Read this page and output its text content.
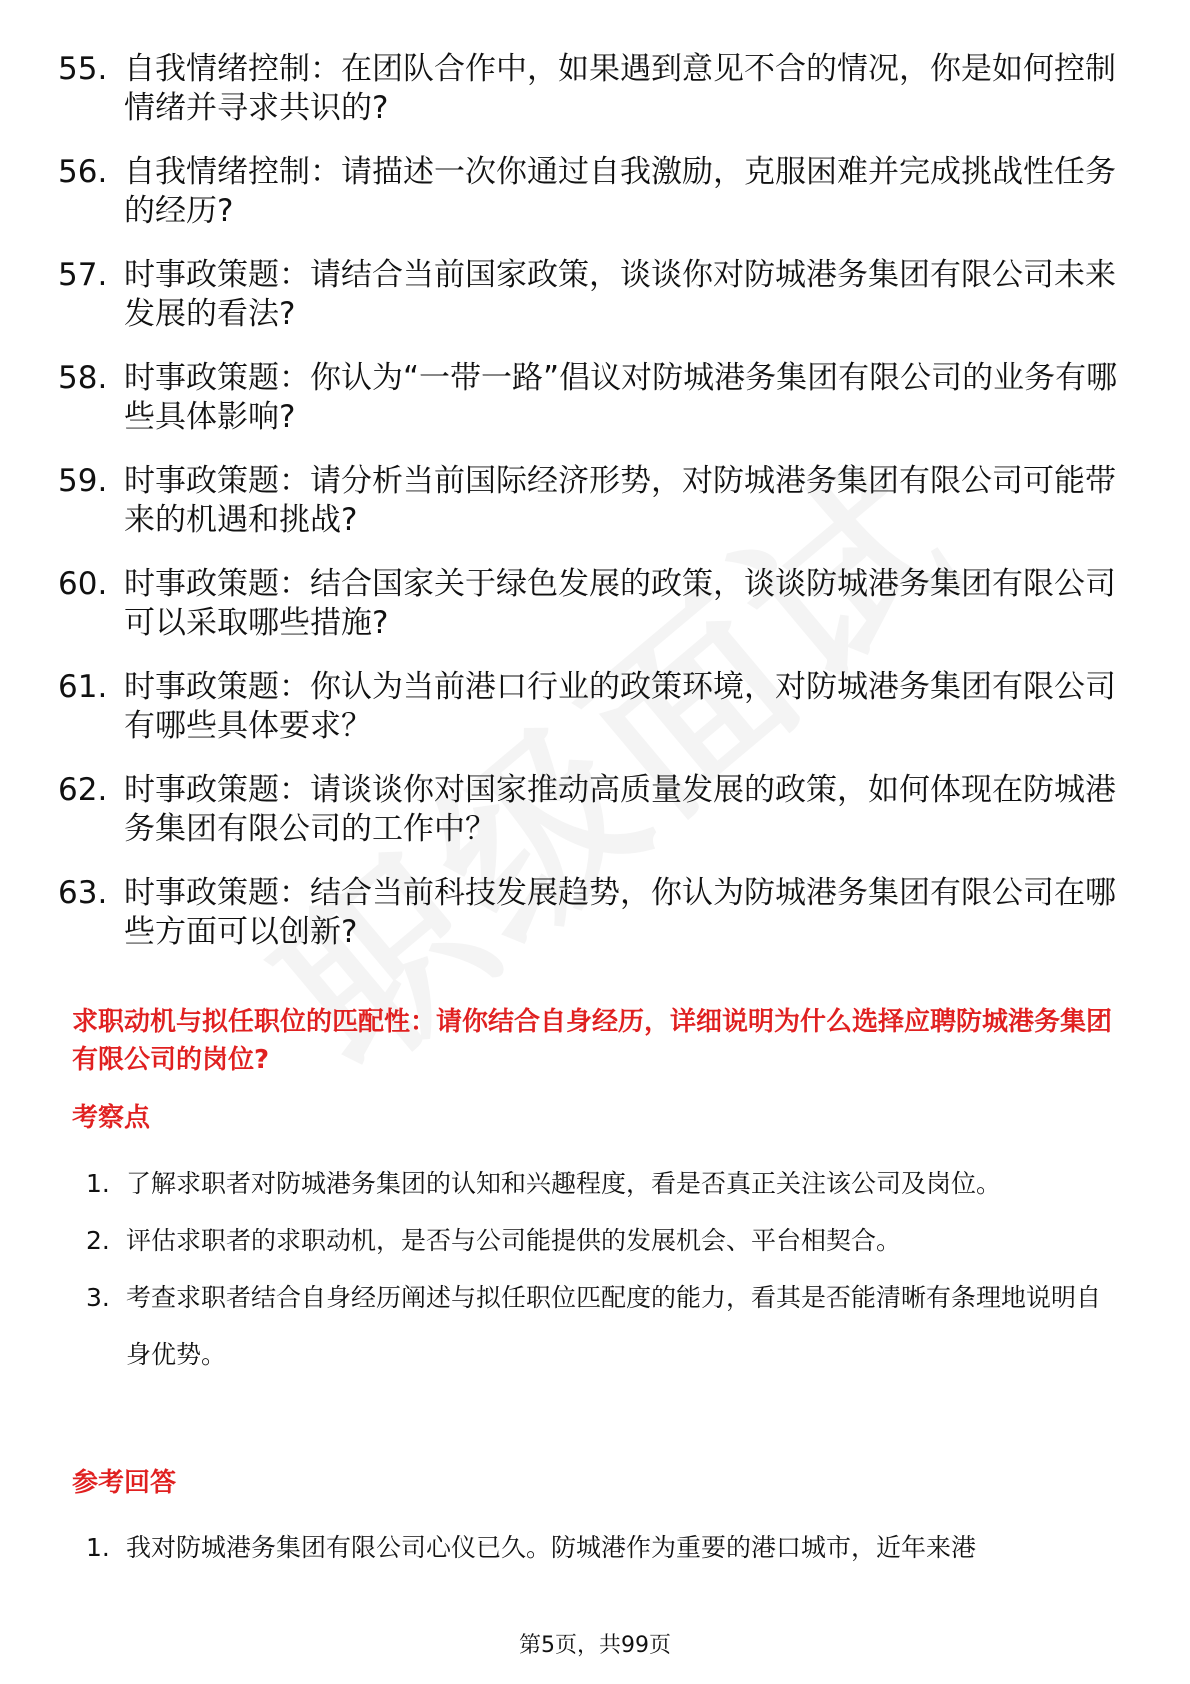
55. 自我情绪控制：在团队合作中，如果遇到意见不合的情况，你是如何控制情绪并寻求共识的?
56. 自我情绪控制：请描述一次你通过自我激励，克服困难并完成挑战性任务的经历?
57. 时事政策题：请结合当前国家政策，谈谈你对防城港务集团有限公司未来发展的看法?
58. 时事政策题：你认为“一带一路”倡议对防城港务集团有限公司的业务有哪些具体影响?
59. 时事政策题：请分析当前国际经济形势，对防城港务集团有限公司可能带来的机遇和挑战?
60. 时事政策题：结合国家关于绿色发展的政策，谈谈防城港务集团有限公司可以采取哪些措施?
61. 时事政策题：你认为当前港口行业的政策环境，对防城港务集团有限公司有哪些具体要求？
62. 时事政策题：请谈谈你对国家推动高质量发展的政策，如何体现在防城港务集团有限公司的工作中？
63. 时事政策题：结合当前科技发展趋势，你认为防城港务集团有限公司在哪些方面可以创新?
求职动机与拟任职位的匹配性：请你结合自身经历，详细说明为什么选择应聘防城港务集团有限公司的岗位?
考察点
1. 了解求职者对防城港务集团的认知和兴趣程度，看是否真正关注该公司及岗位。
2. 评估求职者的求职动机，是否与公司能提供的发展机会、平台相契合。
3. 考查求职者结合自身经历阐述与拟任职位匹配度的能力，看其是否能清晰有条理地说明自身优势。
参考回答
1. 我对防城港务集团有限公司心仪已久。防城港作为重要的港口城市，近年来港
第5页，共99页
